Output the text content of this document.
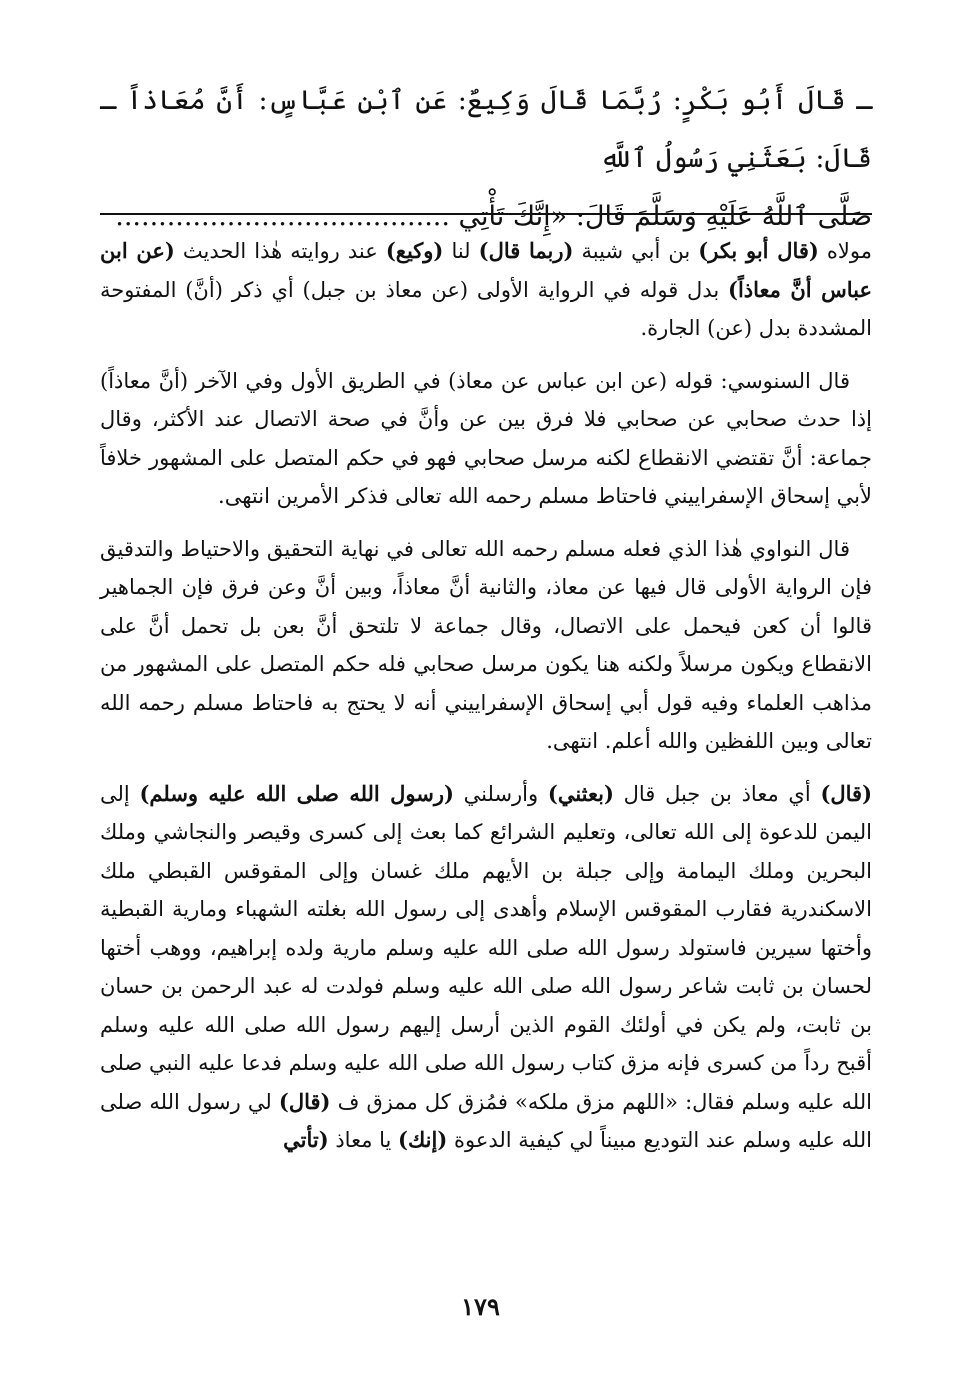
ـ قَالَ أَبُو بَكْرٍ: رُبَّمَا قَالَ وَكِيعٌ: عَنِ ٱبْنِ عَبَّاسٍ: أَنَّ مُعَاذاً ـ قَالَ: بَعَثَنِي رَسُولُ ٱللَّهِ

صَلَّى ٱللَّهُ عَلَيْهِ وَسَلَّمَ قَالَ: «إِنَّكَ تَأْتِي .......................................

مولاه (قال أبو بكر) بن أبي شيبة (ربما قال) لنا (وكيع) عند روايته هٰذا الحديث (عن ابن عباس أنَّ معاذاً) بدل قوله في الرواية الأولى (عن معاذ بن جبل) أي ذكر (أنَّ) المفتوحة المشددة بدل (عن) الجارة.

قال السنوسي: قوله (عن ابن عباس عن معاذ) في الطريق الأول وفي الآخر (أنَّ معاذاً) إذا حدث صحابي عن صحابي فلا فرق بين عن وأنَّ في صحة الاتصال عند الأكثر، وقال جماعة: أنَّ تقتضي الانقطاع لكنه مرسل صحابي فهو في حكم المتصل على المشهور خلافاً لأبي إسحاق الإسفراييني فاحتاط مسلم رحمه الله تعالى فذكر الأمرين انتهى.

قال النواوي هٰذا الذي فعله مسلم رحمه الله تعالى في نهاية التحقيق والاحتياط والتدقيق فإن الرواية الأولى قال فيها عن معاذ، والثانية أنَّ معاذاً، وبين أنَّ وعن فرق فإن الجماهير قالوا أن كعن فيحمل على الاتصال، وقال جماعة لا تلتحق أنَّ بعن بل تحمل أنَّ على الانقطاع ويكون مرسلاً ولكنه هنا يكون مرسل صحابي فله حكم المتصل على المشهور من مذاهب العلماء وفيه قول أبي إسحاق الإسفراييني أنه لا يحتج به فاحتاط مسلم رحمه الله تعالى وبين اللفظين والله أعلم. انتهى.

(قال) أي معاذ بن جبل قال (بعثني) وأرسلني (رسول الله صلى الله عليه وسلم) إلى اليمن للدعوة إلى الله تعالى، وتعليم الشرائع كما بعث إلى كسرى وقيصر والنجاشي وملك البحرين وملك اليمامة وإلى جبلة بن الأيهم ملك غسان وإلى المقوقس القبطي ملك الاسكندرية فقارب المقوقس الإسلام وأهدى إلى رسول الله بغلته الشهباء ومارية القبطية وأختها سيرين فاستولد رسول الله صلى الله عليه وسلم مارية ولده إبراهيم، ووهب أختها لحسان بن ثابت شاعر رسول الله صلى الله عليه وسلم فولدت له عبد الرحمن بن حسان بن ثابت، ولم يكن في أولئك القوم الذين أرسل إليهم رسول الله صلى الله عليه وسلم أقبح رداً من كسرى فإنه مزق كتاب رسول الله صلى الله عليه وسلم فدعا عليه النبي صلى الله عليه وسلم فقال: «اللهم مزق ملكه» فمُزق كل ممزق ف (قال) لي رسول الله صلى الله عليه وسلم عند التوديع مبيناً لي كيفية الدعوة (إنك) يا معاذ (تأتي

١٧٩
